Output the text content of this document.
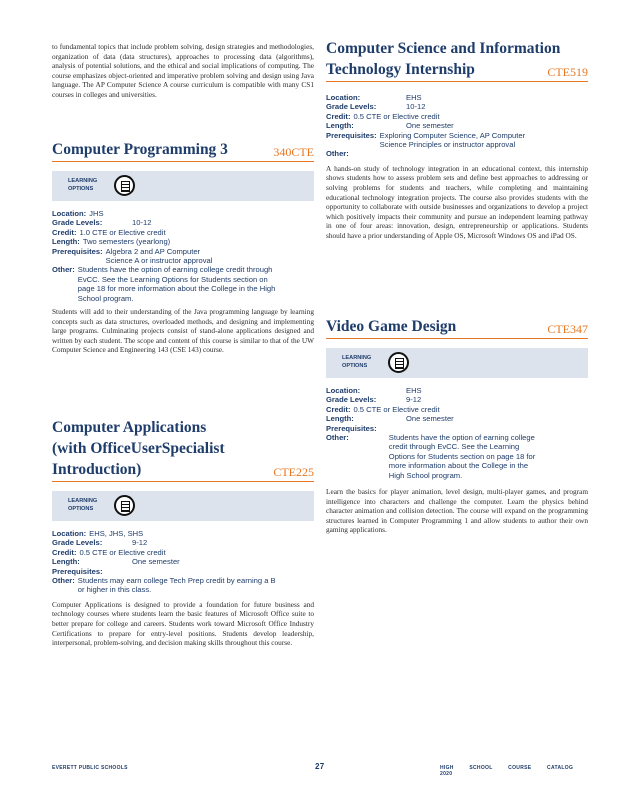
to fundamental topics that include problem solving, design strategies and methodologies, organization of data (data structures), approaches to processing data (algorithms), analysis of potential solutions, and the ethical and social implications of computing. The course emphasizes object-oriented and imperative problem solving and design using Java language. The AP Computer Science A course curriculum is compatible with many CS1 courses in colleges and universities.

Computer Programming 3	340CTE
LEARNING OPTIONS
Location: JHS
Grade Levels:	10-12
Credit: 1.0 CTE or Elective credit
Length: Two semesters (yearlong)
Prerequisites: Algebra 2 and AP Computer Science A or instructor approval
Other: Students have the option of earning college credit through EvCC. See the Learning Options for Students section on page 18 for more information about the College in the High School program.

Students will add to their understanding of the Java programming language by learning concepts such as data structures, overloaded methods, and designing and implementing large programs. Culminating projects consist of stand-alone applications designed and written by each student. The scope and content of this course is similar to that of the UW Computer Science and Engineering 143 (CSE 143) course.

Computer Applications
(with OfficeUserSpecialist
Introduction)	CTE225
LEARNING OPTIONS
Location: EHS, JHS, SHS
Grade Levels:	9-12
Credit: 0.5 CTE or Elective credit
Length:	One semester
Prerequisites:
Other: Students may earn college Tech Prep credit by earning a B or higher in this class.

Computer Applications is designed to provide a foundation for future business and technology courses where students learn the basic features of Microsoft Office suite to better prepare for college and careers. Students work toward Microsoft Office Industry Certifications to prepare for entry-level positions. Students develop leadership, interpersonal, problem-solving, and decision making skills throughout this course.

Computer Science and Information
Technology Internship	CTE519
Location:	EHS
Grade Levels:	10-12
Credit: 0.5 CTE or Elective credit
Length:	One semester
Prerequisites: Exploring Computer Science, AP Computer Science Principles or instructor approval
Other:

A hands-on study of technology integration in an educational context, this internship shows students how to assess problem sets and define best approaches to addressing or solving problems for students and teachers, while completing and maintaining educational technology integration projects. The course also provides students with the opportunity to collaborate with outside businesses and organizations to develop a project which positively impacts their community and pursue an independent learning pathway in one of four areas: innovation, design, entrepreneurship or applications. Students should have a prior understanding of Apple OS, Microsoft Windows OS and iPad OS.

Video Game Design	CTE347
LEARNING OPTIONS
Location:	EHS
Grade Levels:	9-12
Credit: 0.5 CTE or Elective credit
Length:	One semester
Prerequisites:
Other:	Students have the option of earning college credit through EvCC. See the Learning Options for Students section on page 18 for more information about the College in the High School program.

Learn the basics for player animation, level design, multi-player games, and program intelligence into characters and challenge the computer. Learn the physics behind character animation and collision detection. The course will expand on the programming structures learned in Computer Programming 1 and allow students to author their own gaming applications.

EVERETT PUBLIC SCHOOLS	27	HIGH SCHOOL COURSE CATALOG 2020
